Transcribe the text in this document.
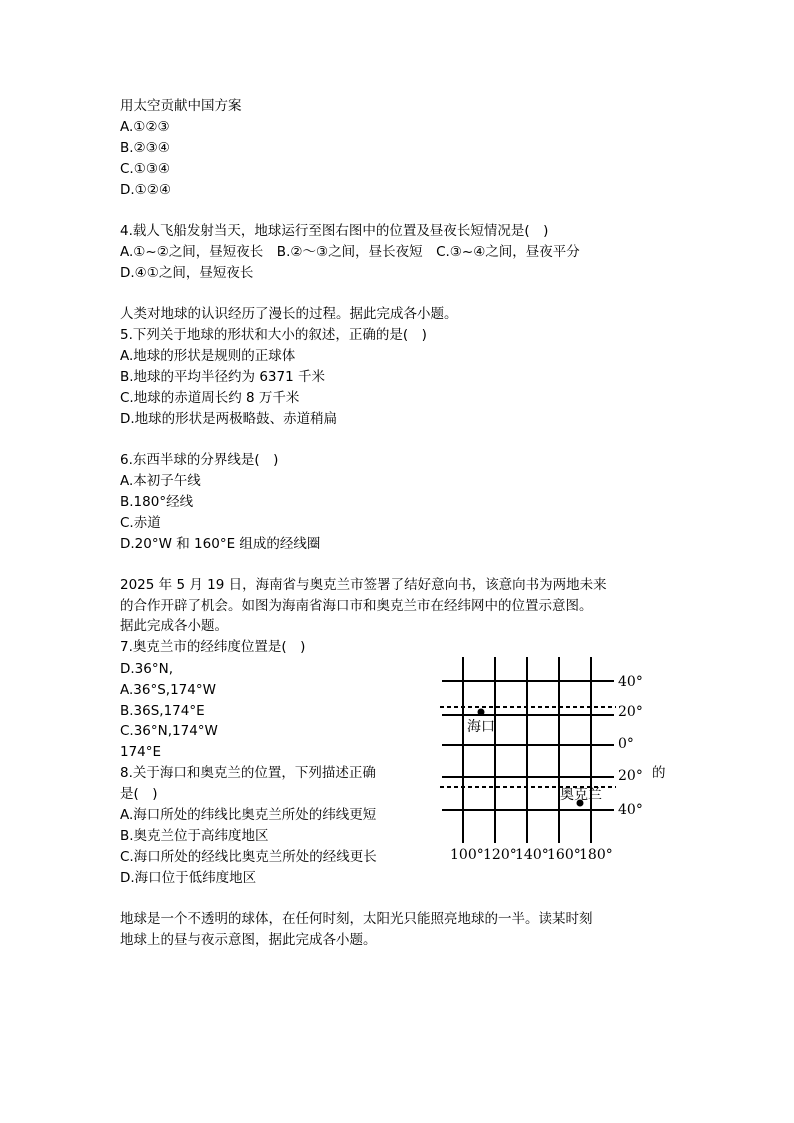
用太空贡献中国方案
A.①②③
B.②③④
C.①③④
D.①②④
4.载人飞船发射当天，地球运行至图右图中的位置及昼夜长短情况是(　)
A.①~②之间，昼短夜长　B.②～③之间，昼长夜短　C.③~④之间，昼夜平分
D.④①之间，昼短夜长
人类对地球的认识经历了漫长的过程。据此完成各小题。
5.下列关于地球的形状和大小的叙述，正确的是(　)
A.地球的形状是规则的正球体
B.地球的平均半径约为 6371 千米
C.地球的赤道周长约 8 万千米
D.地球的形状是两极略鼓、赤道稍扁
6.东西半球的分界线是(　)
A.本初子午线
B.180°经线
C.赤道
D.20°W 和 160°E 组成的经线圈
2025 年 5 月 19 日，海南省与奥克兰市签署了结好意向书，该意向书为两地未来
的合作开辟了机会。如图为海南省海口市和奥克兰市在经纬网中的位置示意图。
据此完成各小题。
7.奥克兰市的经纬度位置是(　)
D.36°N,
A.36°S,174°W
B.36S,174°E
C.36°N,174°W
174°E
8.关于海口和奥克兰的位置，下列描述正确	的
是(　)
A.海口所处的纬线比奥克兰所处的纬线更短
B.奥克兰位于高纬度地区
C.海口所处的经线比奥克兰所处的经线更长
D.海口位于低纬度地区
地球是一个不透明的球体，在任何时刻，太阳光只能照亮地球的一半。读某时刻
地球上的昼与夜示意图，据此完成各小题。
海口
奥克兰
40°
20°
0°
20°
40°
100° 120°
140°
160°
180°
